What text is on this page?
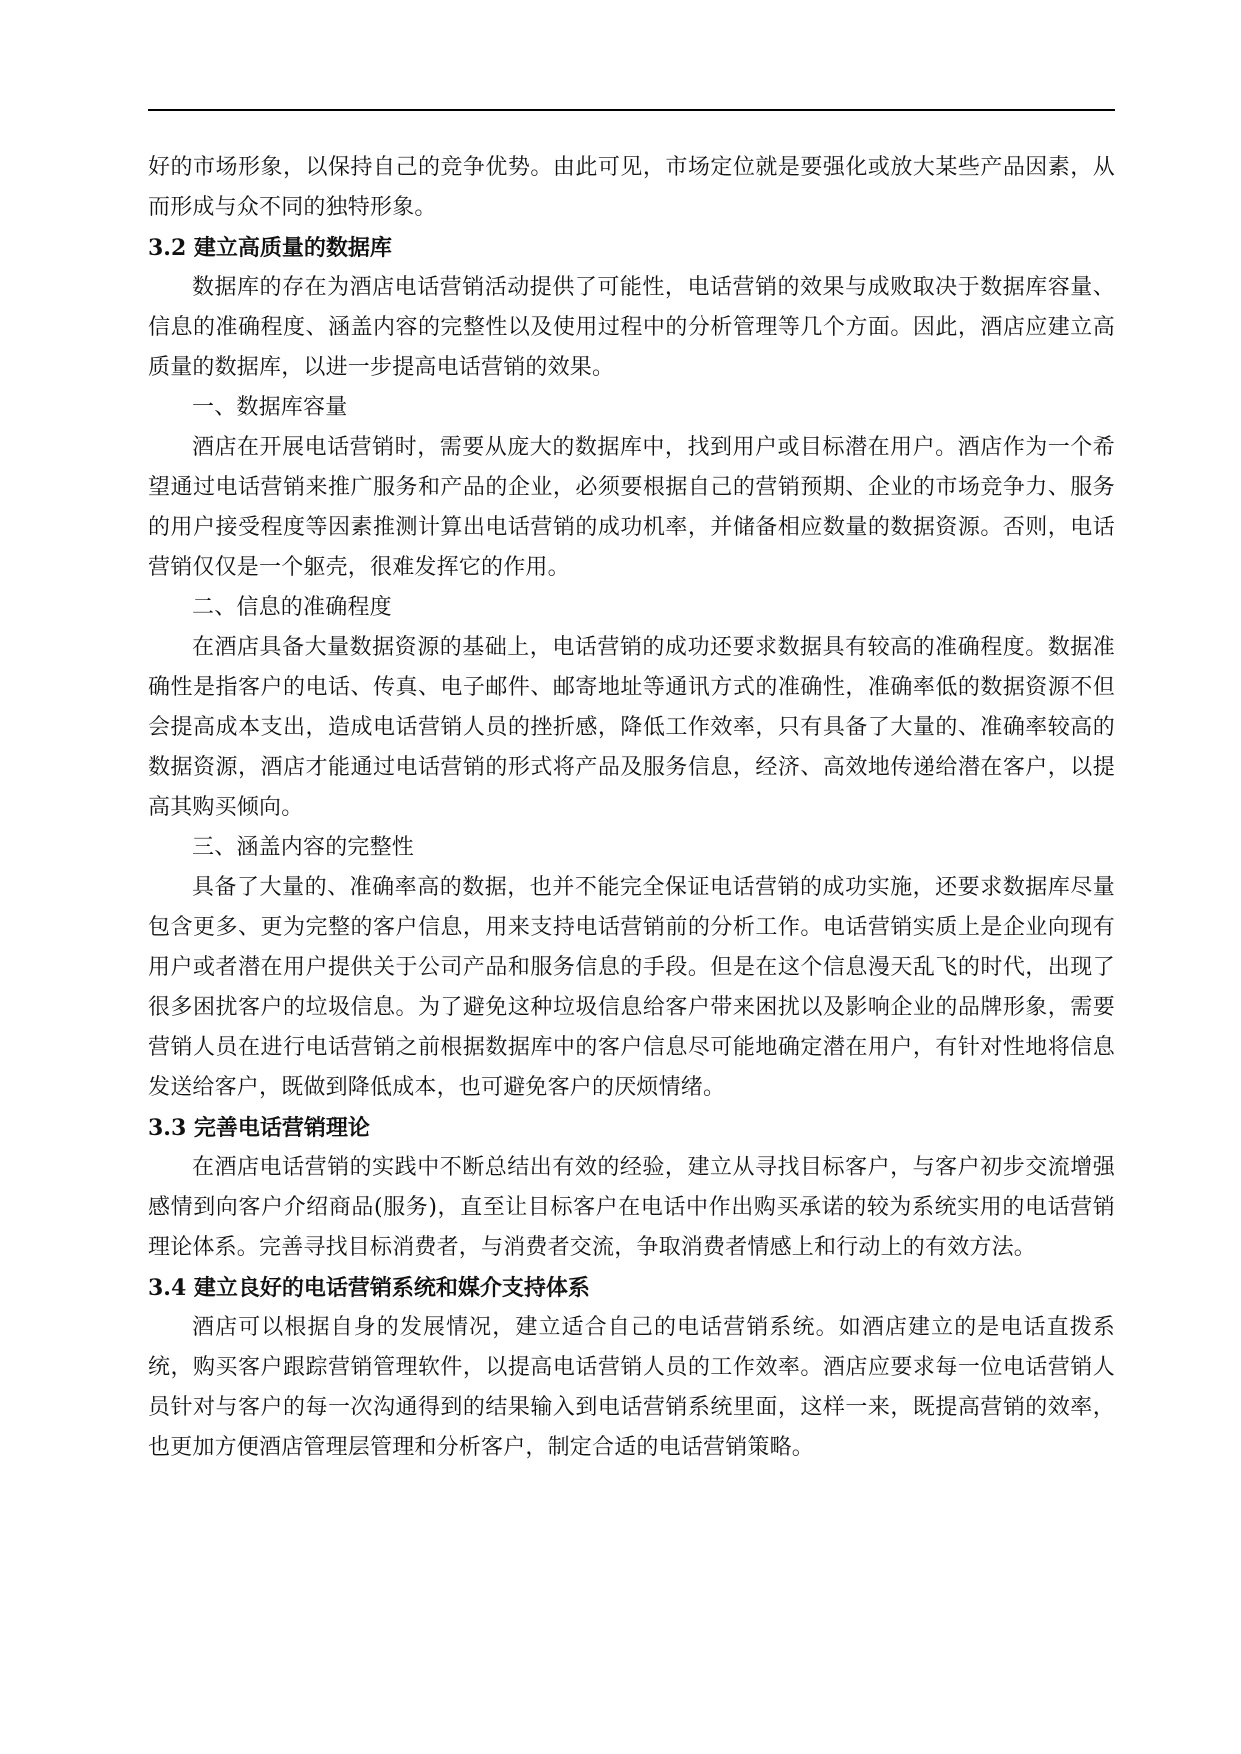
好的市场形象，以保持自己的竞争优势。由此可见，市场定位就是要强化或放大某些产品因素，从而形成与众不同的独特形象。

3.2 建立高质量的数据库

数据库的存在为酒店电话营销活动提供了可能性，电话营销的效果与成败取决于数据库容量、信息的准确程度、涵盖内容的完整性以及使用过程中的分析管理等几个方面。因此，酒店应建立高质量的数据库，以进一步提高电话营销的效果。

一、数据库容量

酒店在开展电话营销时，需要从庞大的数据库中，找到用户或目标潜在用户。酒店作为一个希望通过电话营销来推广服务和产品的企业，必须要根据自己的营销预期、企业的市场竞争力、服务的用户接受程度等因素推测计算出电话营销的成功机率，并储备相应数量的数据资源。否则，电话营销仅仅是一个躯壳，很难发挥它的作用。

二、信息的准确程度

在酒店具备大量数据资源的基础上，电话营销的成功还要求数据具有较高的准确程度。数据准确性是指客户的电话、传真、电子邮件、邮寄地址等通讯方式的准确性，准确率低的数据资源不但会提高成本支出，造成电话营销人员的挫折感，降低工作效率，只有具备了大量的、准确率较高的数据资源，酒店才能通过电话营销的形式将产品及服务信息，经济、高效地传递给潜在客户，以提高其购买倾向。

三、涵盖内容的完整性

具备了大量的、准确率高的数据，也并不能完全保证电话营销的成功实施，还要求数据库尽量包含更多、更为完整的客户信息，用来支持电话营销前的分析工作。电话营销实质上是企业向现有用户或者潜在用户提供关于公司产品和服务信息的手段。但是在这个信息漫天乱飞的时代，出现了很多困扰客户的垃圾信息。为了避免这种垃圾信息给客户带来困扰以及影响企业的品牌形象，需要营销人员在进行电话营销之前根据数据库中的客户信息尽可能地确定潜在用户，有针对性地将信息发送给客户，既做到降低成本，也可避免客户的厌烦情绪。

3.3 完善电话营销理论

在酒店电话营销的实践中不断总结出有效的经验，建立从寻找目标客户，与客户初步交流增强感情到向客户介绍商品(服务)，直至让目标客户在电话中作出购买承诺的较为系统实用的电话营销理论体系。完善寻找目标消费者，与消费者交流，争取消费者情感上和行动上的有效方法。

3.4 建立良好的电话营销系统和媒介支持体系

酒店可以根据自身的发展情况，建立适合自己的电话营销系统。如酒店建立的是电话直拨系统，购买客户跟踪营销管理软件，以提高电话营销人员的工作效率。酒店应要求每一位电话营销人员针对与客户的每一次沟通得到的结果输入到电话营销系统里面，这样一来，既提高营销的效率，也更加方便酒店管理层管理和分析客户，制定合适的电话营销策略。
